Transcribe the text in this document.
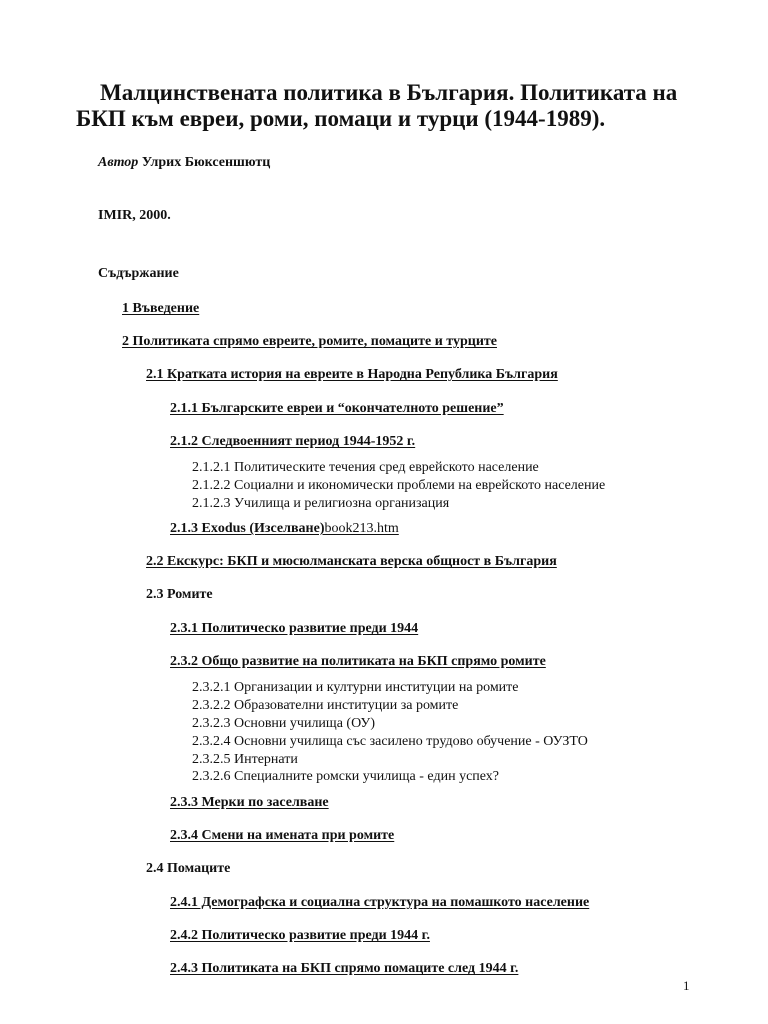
Малцинствената политика в България. Политиката на БКП към евреи, роми, помаци и турци (1944-1989).
Автор Улрих Бюксеншютц
IMIR, 2000.
Съдържание
1 Въведение
2 Политиката спрямо евреите, ромите, помаците и турците
2.1 Кратката история на евреите в Народна Република България
2.1.1 Българските евреи и “окончателното решение”
2.1.2 Следвоенният период 1944-1952 г.
2.1.2.1 Политическите течения сред еврейското население
2.1.2.2 Социални и икономически проблеми на еврейското население
2.1.2.3 Училища и религиозна организация
2.1.3 Exodus (Изселване)book213.htm
2.2 Екскурс: БКП и мюсюлманската верска общност в България
2.3 Ромите
2.3.1 Политическо развитие преди 1944
2.3.2 Общо развитие на политиката на БКП спрямо ромите
2.3.2.1 Организации и културни институции на ромите
2.3.2.2 Образователни институции за ромите
2.3.2.3 Основни училища (ОУ)
2.3.2.4 Основни училища със засилено трудово обучение - ОУЗТО
2.3.2.5 Интернати
2.3.2.6 Специалните ромски училища - един успех?
2.3.3 Мерки по заселване
2.3.4 Смени на имената при ромите
2.4 Помаците
2.4.1 Демографска и социална структура на помашкото население
2.4.2 Политическо развитие преди 1944 г.
2.4.3 Политиката на БКП спрямо помаците след 1944 г.
1
